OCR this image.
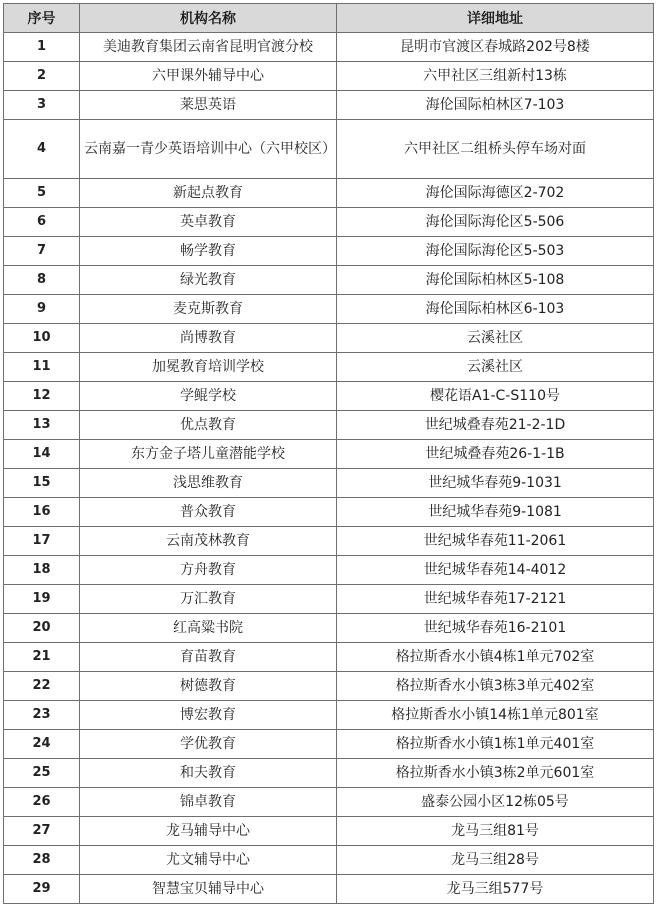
序号	机构名称	详细地址
1	美迪教育集团云南省昆明官渡分校	昆明市官渡区春城路202号8楼
2	六甲课外辅导中心	六甲社区三组新村13栋
3	莱思英语	海伦国际柏林区7-103
4	云南嘉一青少英语培训中心（六甲校区）	六甲社区二组桥头停车场对面
5	新起点教育	海伦国际海德区2-702
6	英卓教育	海伦国际海伦区5-506
7	畅学教育	海伦国际海伦区5-503
8	绿光教育	海伦国际柏林区5-108
9	麦克斯教育	海伦国际柏林区6-103
10	尚博教育	云溪社区
11	加冕教育培训学校	云溪社区
12	学鲲学校	樱花语A1-C-S110号
13	优点教育	世纪城叠春苑21-2-1D
14	东方金子塔儿童潜能学校	世纪城叠春苑26-1-1B
15	浅思维教育	世纪城华春苑9-1031
16	普众教育	世纪城华春苑9-1081
17	云南茂林教育	世纪城华春苑11-2061
18	方舟教育	世纪城华春苑14-4012
19	万汇教育	世纪城华春苑17-2121
20	红高粱书院	世纪城华春苑16-2101
21	育苗教育	格拉斯香水小镇4栋1单元702室
22	树德教育	格拉斯香水小镇3栋3单元402室
23	博宏教育	格拉斯香水小镇14栋1单元801室
24	学优教育	格拉斯香水小镇1栋1单元401室
25	和夫教育	格拉斯香水小镇3栋2单元601室
26	锦卓教育	盛泰公园小区12栋05号
27	龙马辅导中心	龙马三组81号
28	尤文辅导中心	龙马三组28号
29	智慧宝贝辅导中心	龙马三组577号
